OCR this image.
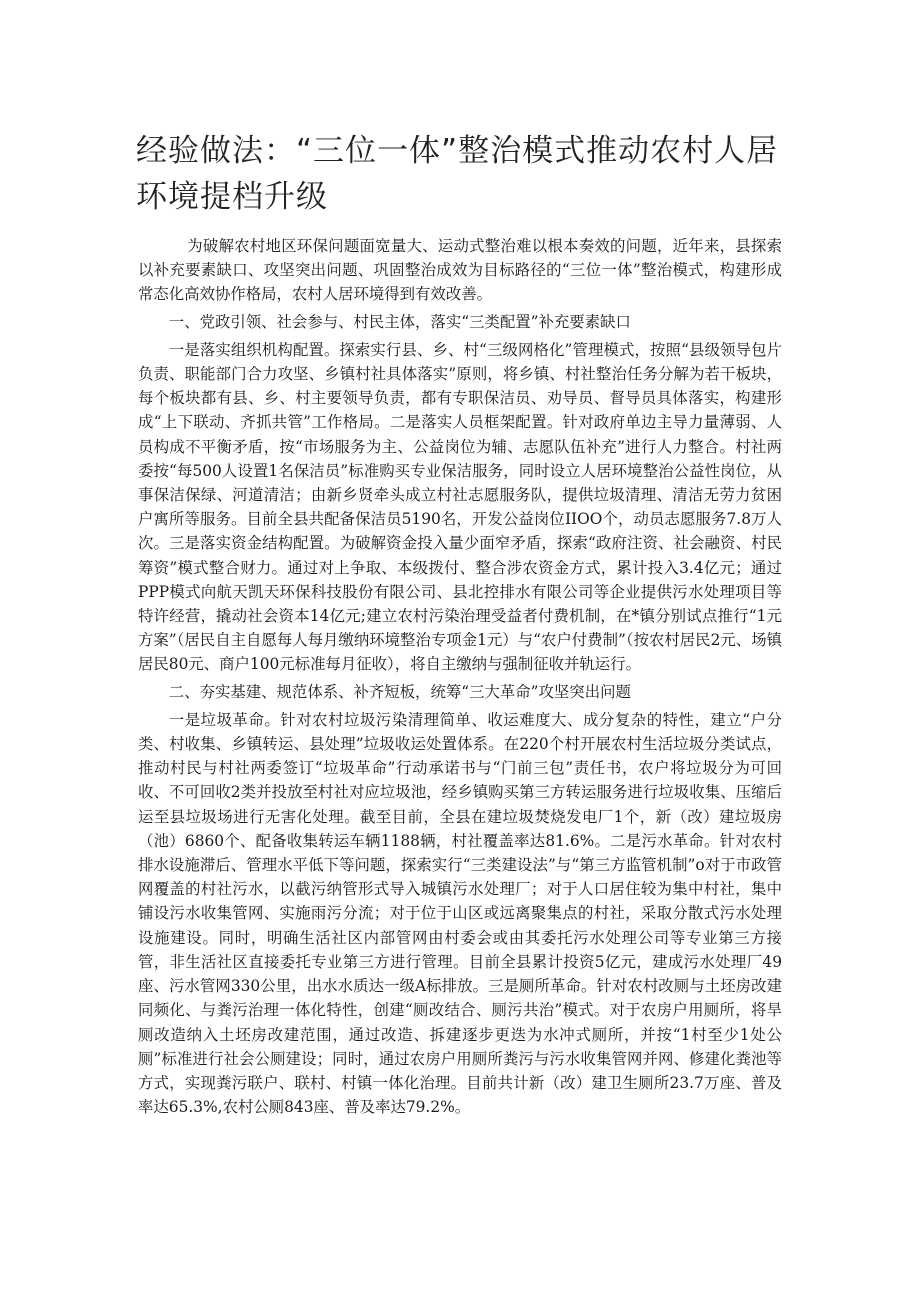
经验做法：“三位一体”整治模式推动农村人居环境提档升级

为破解农村地区环保问题面宽量大、运动式整治难以根本奏效的问题，近年来，县探索以补充要素缺口、攻坚突出问题、巩固整治成效为目标路径的“三位一体”整治模式，构建形成常态化高效协作格局，农村人居环境得到有效改善。

一、党政引领、社会参与、村民主体，落实“三类配置”补充要素缺口

一是落实组织机构配置。探索实行县、乡、村“三级网格化”管理模式，按照“县级领导包片负责、职能部门合力攻坚、乡镇村社具体落实”原则，将乡镇、村社整治任务分解为若干板块，每个板块都有县、乡、村主要领导负责，都有专职保洁员、劝导员、督导员具体落实，构建形成“上下联动、齐抓共管”工作格局。二是落实人员框架配置。针对政府单边主导力量薄弱、人员构成不平衡矛盾，按“市场服务为主、公益岗位为辅、志愿队伍补充”进行人力整合。村社两委按“每500人设置1名保洁员”标准购买专业保洁服务，同时设立人居环境整治公益性岗位，从事保洁保绿、河道清洁；由新乡贤牵头成立村社志愿服务队，提供垃圾清理、清洁无劳力贫困户寓所等服务。目前全县共配备保洁员5190名，开发公益岗位IIOO个，动员志愿服务7.8万人次。三是落实资金结构配置。为破解资金投入量少面窄矛盾，探索“政府注资、社会融资、村民筹资”模式整合财力。通过对上争取、本级拨付、整合涉农资金方式，累计投入3.4亿元；通过PPP模式向航天凯天环保科技股份有限公司、县北控排水有限公司等企业提供污水处理项目等特许经营，撬动社会资本14亿元;建立农村污染治理受益者付费机制，在*镇分别试点推行“1元方案”（居民自主自愿每人每月缴纳环境整治专项金1元）与“农户付费制”（按农村居民2元、场镇居民80元、商户100元标准每月征收），将自主缴纳与强制征收并轨运行。

二、夯实基建、规范体系、补齐短板，统筹“三大革命”攻坚突出问题

一是垃圾革命。针对农村垃圾污染清理简单、收运难度大、成分复杂的特性，建立“户分类、村收集、乡镇转运、县处理”垃圾收运处置体系。在220个村开展农村生活垃圾分类试点，推动村民与村社两委签订“垃圾革命”行动承诺书与“门前三包”责任书，农户将垃圾分为可回收、不可回收2类并投放至村社对应垃圾池，经乡镇购买第三方转运服务进行垃圾收集、压缩后运至县垃圾场进行无害化处理。截至目前，全县在建垃圾焚烧发电厂1个，新（改）建垃圾房（池）6860个、配备收集转运车辆1188辆，村社覆盖率达81.6%。二是污水革命。针对农村排水设施滞后、管理水平低下等问题，探索实行“三类建设法”与“第三方监管机制”o对于市政管网覆盖的村社污水，以截污纳管形式导入城镇污水处理厂；对于人口居住较为集中村社，集中铺设污水收集管网、实施雨污分流；对于位于山区或远离聚集点的村社，采取分散式污水处理设施建设。同时，明确生活社区内部管网由村委会或由其委托污水处理公司等专业第三方接管，非生活社区直接委托专业第三方进行管理。目前全县累计投资5亿元，建成污水处理厂49座、污水管网330公里，出水水质达一级A标排放。三是厕所革命。针对农村改厕与土坯房改建同频化、与粪污治理一体化特性，创建“厕改结合、厕污共治”模式。对于农房户用厕所，将旱厕改造纳入土坯房改建范围，通过改造、拆建逐步更迭为水冲式厕所，并按“1村至少1处公厕”标准进行社会公厕建设；同时，通过农房户用厕所粪污与污水收集管网并网、修建化粪池等方式，实现粪污联户、联村、村镇一体化治理。目前共计新（改）建卫生厕所23.7万座、普及率达65.3%,农村公厕843座、普及率达79.2%。
